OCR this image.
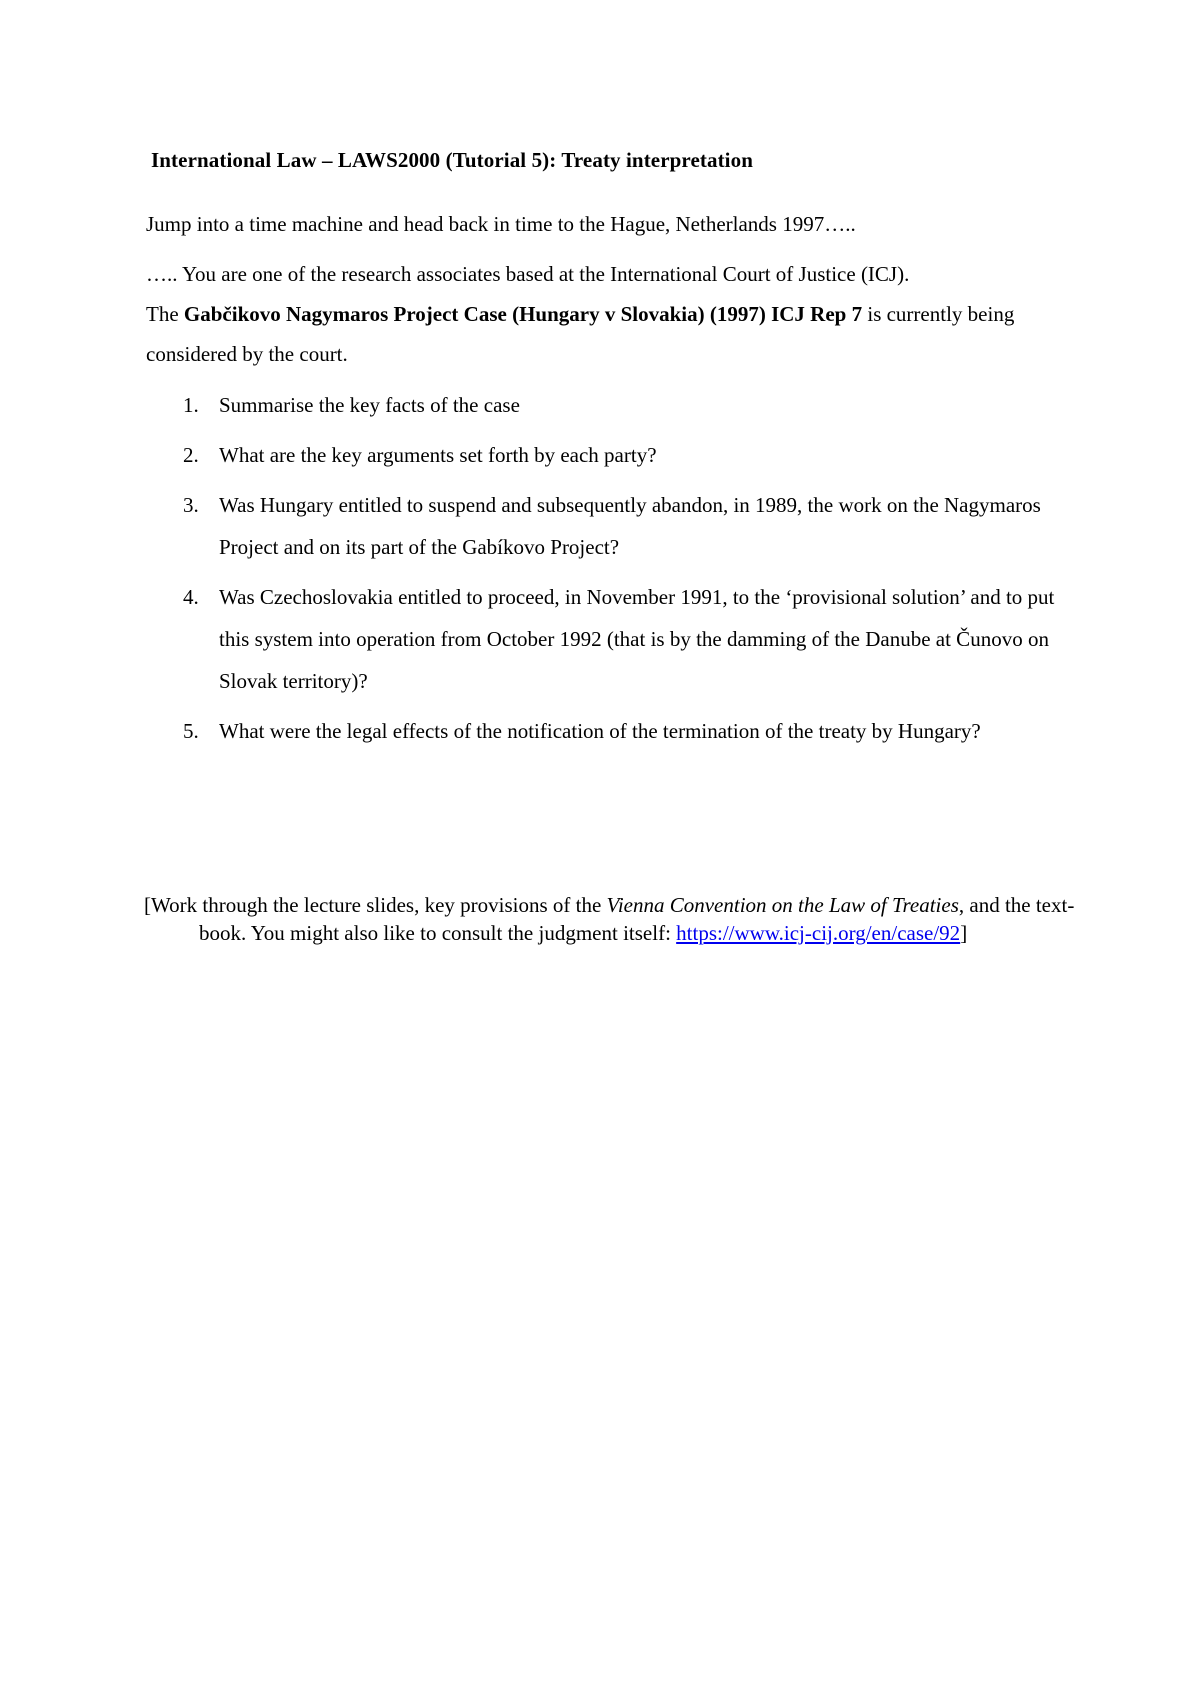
International Law – LAWS2000 (Tutorial 5): Treaty interpretation

Jump into a time machine and head back in time to the Hague, Netherlands 1997…..

….. You are one of the research associates based at the International Court of Justice (ICJ).
The Gabčikovo Nagymaros Project Case (Hungary v Slovakia) (1997) ICJ Rep 7 is currently being considered by the court.

1. Summarise the key facts of the case
2. What are the key arguments set forth by each party?
3. Was Hungary entitled to suspend and subsequently abandon, in 1989, the work on the Nagymaros Project and on its part of the Gabíkovo Project?
4. Was Czechoslovakia entitled to proceed, in November 1991, to the ‘provisional solution’ and to put this system into operation from October 1992 (that is by the damming of the Danube at Čunovo on Slovak territory)?
5. What were the legal effects of the notification of the termination of the treaty by Hungary?

[Work through the lecture slides, key provisions of the Vienna Convention on the Law of Treaties, and the text-book. You might also like to consult the judgment itself: https://www.icj-cij.org/en/case/92]
